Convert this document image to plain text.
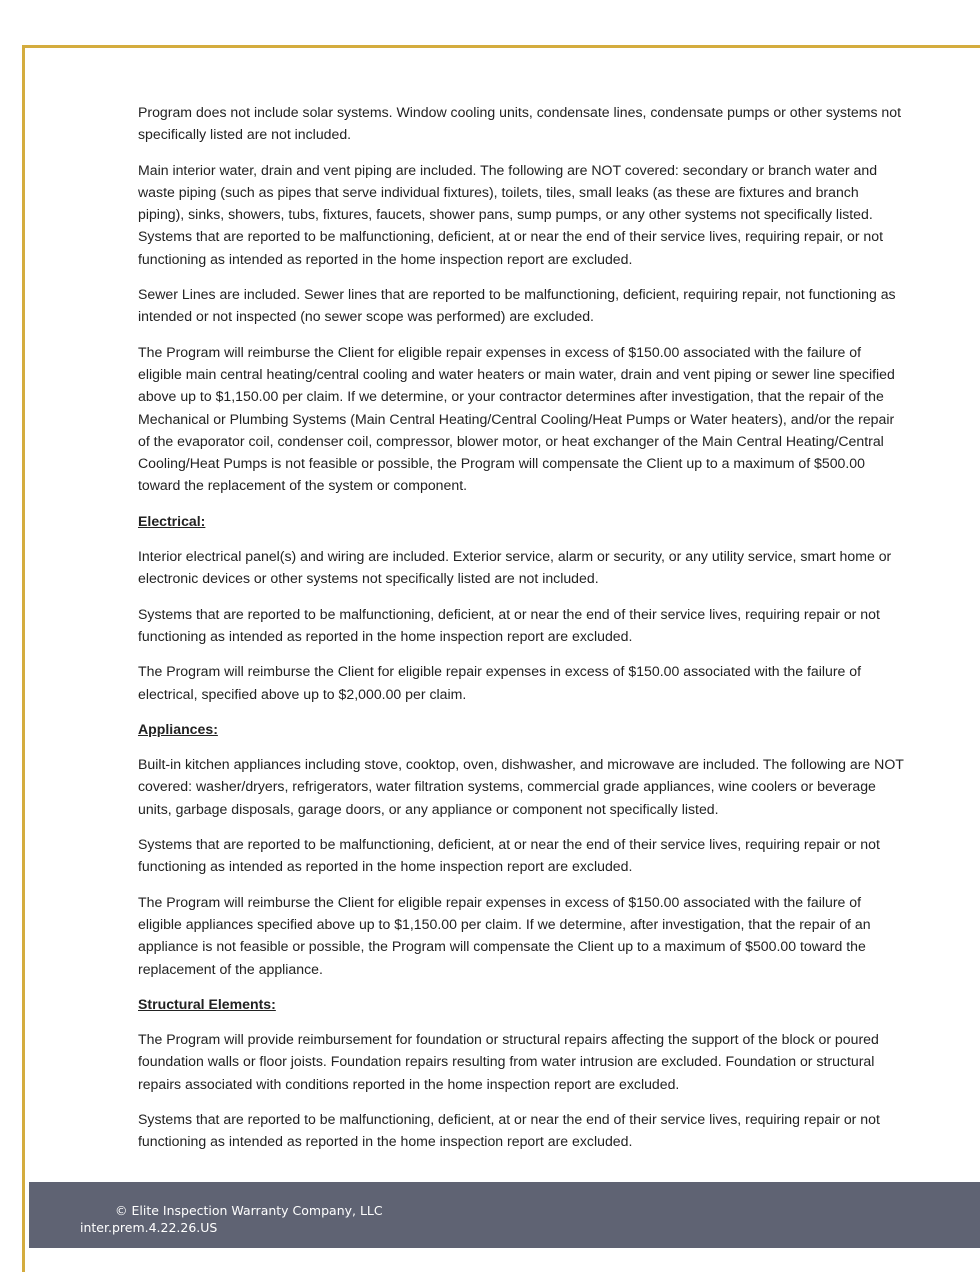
Program does not include solar systems. Window cooling units, condensate lines, condensate pumps or other systems not specifically listed are not included.

Main interior water, drain and vent piping are included. The following are NOT covered: secondary or branch water and waste piping (such as pipes that serve individual fixtures), toilets, tiles, small leaks (as these are fixtures and branch piping), sinks, showers, tubs, fixtures, faucets, shower pans, sump pumps, or any other systems not specifically listed. Systems that are reported to be malfunctioning, deficient, at or near the end of their service lives, requiring repair, or not functioning as intended as reported in the home inspection report are excluded.

Sewer Lines are included. Sewer lines that are reported to be malfunctioning, deficient, requiring repair, not functioning as intended or not inspected (no sewer scope was performed) are excluded.

The Program will reimburse the Client for eligible repair expenses in excess of $150.00 associated with the failure of eligible main central heating/central cooling and water heaters or main water, drain and vent piping or sewer line specified above up to $1,150.00 per claim. If we determine, or your contractor determines after investigation, that the repair of the Mechanical or Plumbing Systems (Main Central Heating/Central Cooling/Heat Pumps or Water heaters), and/or the repair of the evaporator coil, condenser coil, compressor, blower motor, or heat exchanger of the Main Central Heating/Central Cooling/Heat Pumps is not feasible or possible, the Program will compensate the Client up to a maximum of $500.00 toward the replacement of the system or component.

Electrical:

Interior electrical panel(s) and wiring are included. Exterior service, alarm or security, or any utility service, smart home or electronic devices or other systems not specifically listed are not included.

Systems that are reported to be malfunctioning, deficient, at or near the end of their service lives, requiring repair or not functioning as intended as reported in the home inspection report are excluded.

The Program will reimburse the Client for eligible repair expenses in excess of $150.00 associated with the failure of electrical, specified above up to $2,000.00 per claim.

Appliances:

Built-in kitchen appliances including stove, cooktop, oven, dishwasher, and microwave are included. The following are NOT covered: washer/dryers, refrigerators, water filtration systems, commercial grade appliances, wine coolers or beverage units, garbage disposals, garage doors, or any appliance or component not specifically listed.

Systems that are reported to be malfunctioning, deficient, at or near the end of their service lives, requiring repair or not functioning as intended as reported in the home inspection report are excluded.

The Program will reimburse the Client for eligible repair expenses in excess of $150.00 associated with the failure of eligible appliances specified above up to $1,150.00 per claim. If we determine, after investigation, that the repair of an appliance is not feasible or possible, the Program will compensate the Client up to a maximum of $500.00 toward the replacement of the appliance.

Structural Elements:

The Program will provide reimbursement for foundation or structural repairs affecting the support of the block or poured foundation walls or floor joists. Foundation repairs resulting from water intrusion are excluded. Foundation or structural repairs associated with conditions reported in the home inspection report are excluded.

Systems that are reported to be malfunctioning, deficient, at or near the end of their service lives, requiring repair or not functioning as intended as reported in the home inspection report are excluded.

© Elite Inspection Warranty Company, LLC
inter.prem.4.22.26.US
